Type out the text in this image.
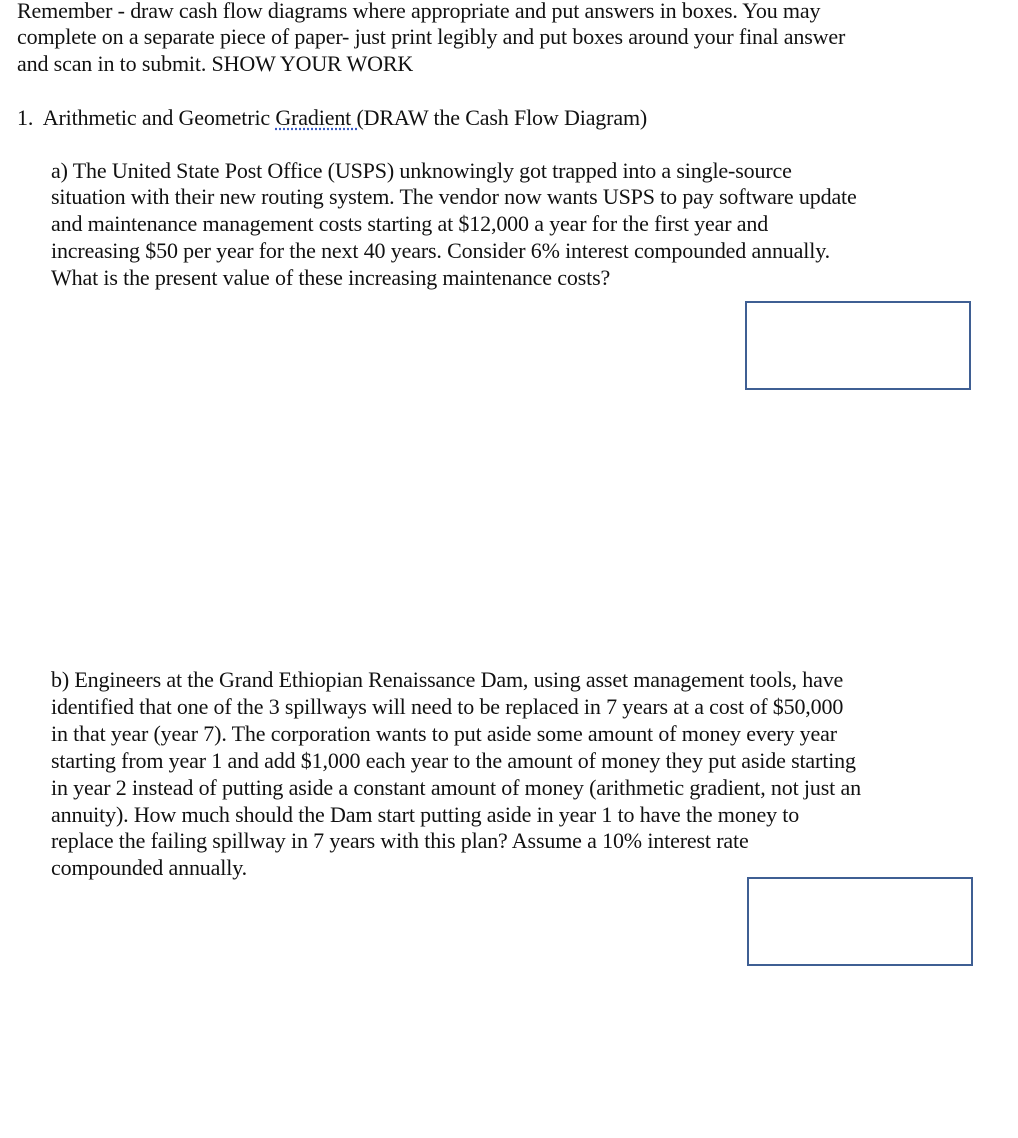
Remember - draw cash flow diagrams where appropriate and put answers in boxes. You may
complete on a separate piece of paper- just print legibly and put boxes around your final answer
and scan in to submit. SHOW YOUR WORK
1. Arithmetic and Geometric Gradient (DRAW the Cash Flow Diagram)
a) The United State Post Office (USPS) unknowingly got trapped into a single-source
situation with their new routing system. The vendor now wants USPS to pay software update
and maintenance management costs starting at $12,000 a year for the first year and
increasing $50 per year for the next 40 years. Consider 6% interest compounded annually.
What is the present value of these increasing maintenance costs?
b) Engineers at the Grand Ethiopian Renaissance Dam, using asset management tools, have
identified that one of the 3 spillways will need to be replaced in 7 years at a cost of $50,000
in that year (year 7). The corporation wants to put aside some amount of money every year
starting from year 1 and add $1,000 each year to the amount of money they put aside starting
in year 2 instead of putting aside a constant amount of money (arithmetic gradient, not just an
annuity). How much should the Dam start putting aside in year 1 to have the money to
replace the failing spillway in 7 years with this plan? Assume a 10% interest rate
compounded annually.
